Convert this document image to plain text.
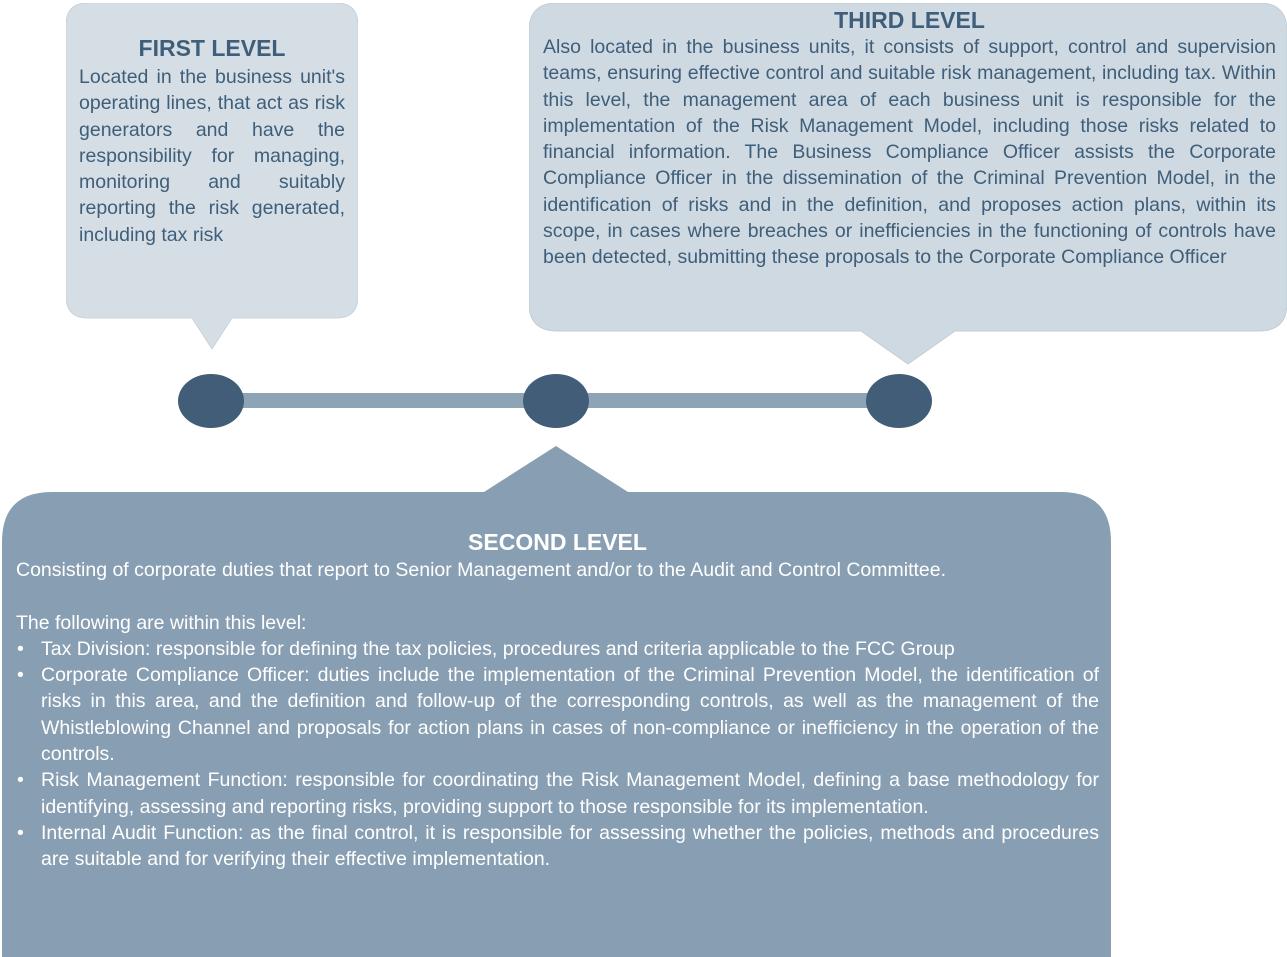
FIRST LEVEL

Located in the business unit's operating lines, that act as risk generators and have the responsibility for managing, monitoring and suitably reporting the risk generated, including tax risk

THIRD LEVEL

Also located in the business units, it consists of support, control and supervision teams, ensuring effective control and suitable risk management, including tax. Within this level, the management area of each business unit is responsible for the implementation of the Risk Management Model, including those risks related to financial information. The Business Compliance Officer assists the Corporate Compliance Officer in the dissemination of the Criminal Prevention Model, in the identification of risks and in the definition, and proposes action plans, within its scope, in cases where breaches or inefficiencies in the functioning of controls have been detected, submitting these proposals to the Corporate Compliance Officer

SECOND LEVEL

Consisting of corporate duties that report to Senior Management and/or to the Audit and Control Committee.

The following are within this level:

• Tax Division: responsible for defining the tax policies, procedures and criteria applicable to the FCC Group
• Corporate Compliance Officer: duties include the implementation of the Criminal Prevention Model, the identification of risks in this area, and the definition and follow-up of the corresponding controls, as well as the management of the Whistleblowing Channel and proposals for action plans in cases of non-compliance or inefficiency in the operation of the controls.
• Risk Management Function: responsible for coordinating the Risk Management Model, defining a base methodology for identifying, assessing and reporting risks, providing support to those responsible for its implementation.
• Internal Audit Function: as the final control, it is responsible for assessing whether the policies, methods and procedures are suitable and for verifying their effective implementation.
